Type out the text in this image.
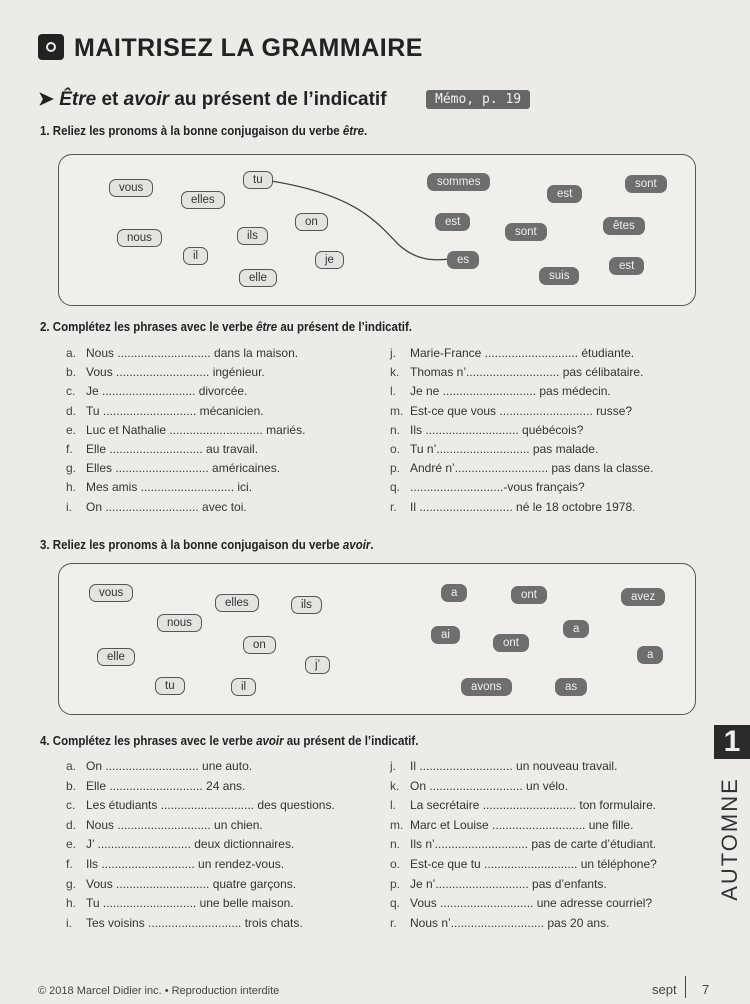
MAITRISEZ LA GRAMMAIRE
➤ Être et avoir au présent de l’indicatif	Mémo, p. 19
1. Reliez les pronoms à la bonne conjugaison du verbe être.
vous
tu
elles
on
nous	ils
il	je
elle
sommes
est
sont
est
sont	êtes
es	est
suis
2. Complétez les phrases avec le verbe être au présent de l’indicatif.
a. Nous ............................ dans la maison.
b. Vous ............................ ingénieur.
c. Je ............................ divorcée.
d. Tu ............................ mécanicien.
e. Luc et Nathalie ............................ mariés.
f. Elle ............................ au travail.
g. Elles ............................ américaines.
h. Mes amis ............................ ici.
i. On ............................ avec toi.
j. Marie-France ............................ étudiante.
k. Thomas n’............................ pas célibataire.
l. Je ne ............................ pas médecin.
m. Est-ce que vous ............................ russe?
n. Ils ............................ québécois?
o. Tu n’............................ pas malade.
p. André n’............................ pas dans la classe.
q. ............................-vous français?
r. Il ............................ né le 18 octobre 1978.
3. Reliez les pronoms à la bonne conjugaison du verbe avoir.
vous
elles	ils
nous
on
elle
j’
tu	il
a	ont	avez
a
ai
ont
a
avons	as
4. Complétez les phrases avec le verbe avoir au présent de l’indicatif.
a. On ............................ une auto.
b. Elle ............................ 24 ans.
c. Les étudiants ............................ des questions.
d. Nous ............................ un chien.
e. J’ ............................ deux dictionnaires.
f. Ils ............................ un rendez-vous.
g. Vous ............................ quatre garçons.
h. Tu ............................ une belle maison.
i. Tes voisins ............................ trois chats.
j. Il ............................ un nouveau travail.
k. On ............................ un vélo.
l. La secrétaire ............................ ton formulaire.
m. Marc et Louise ............................ une fille.
n. Ils n’............................ pas de carte d’étudiant.
o. Est-ce que tu ............................ un téléphone?
p. Je n’............................ pas d’enfants.
q. Vous ............................ une adresse courriel?
r. Nous n’............................ pas 20 ans.
1
AUTOMNE
© 2018 Marcel Didier inc. • Reproduction interdite	sept 7
